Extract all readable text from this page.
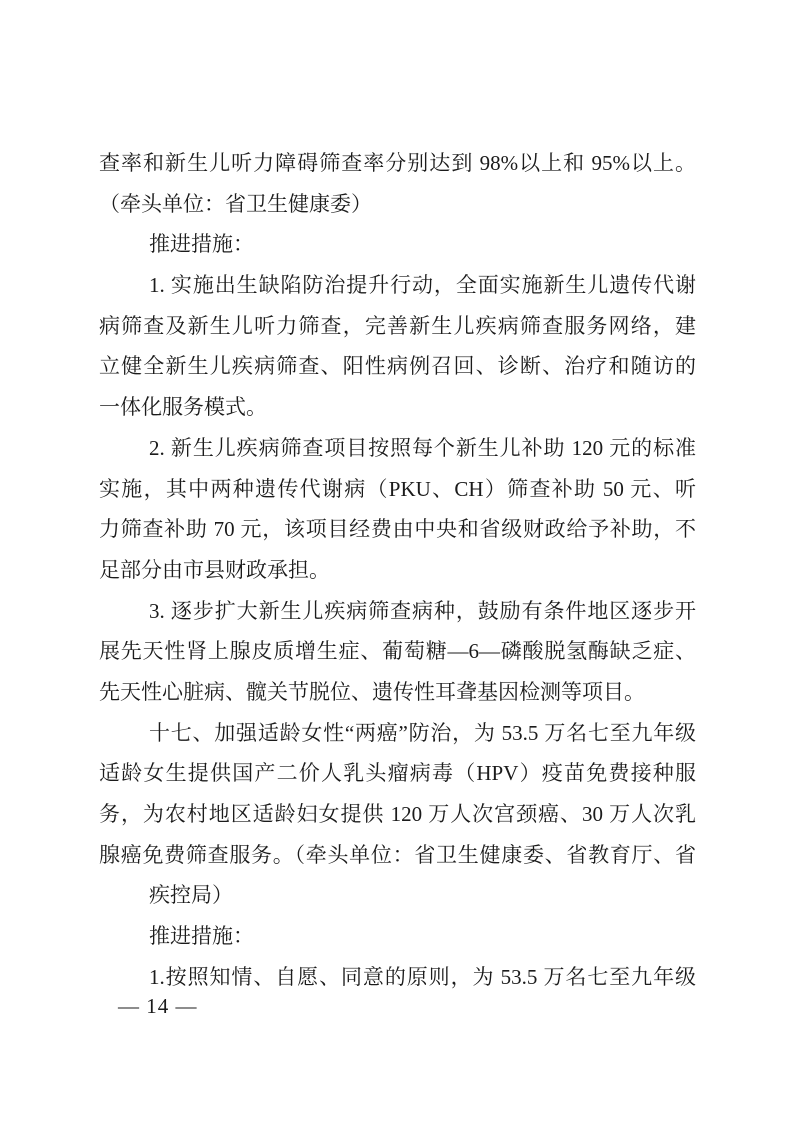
查率和新生儿听力障碍筛查率分别达到 98%以上和 95%以上。
（牵头单位：省卫生健康委）
推进措施：
1. 实施出生缺陷防治提升行动，全面实施新生儿遗传代谢
病筛查及新生儿听力筛查，完善新生儿疾病筛查服务网络，建
立健全新生儿疾病筛查、阳性病例召回、诊断、治疗和随访的
一体化服务模式。
2. 新生儿疾病筛查项目按照每个新生儿补助 120 元的标准
实施，其中两种遗传代谢病（PKU、CH）筛查补助 50 元、听
力筛查补助 70 元，该项目经费由中央和省级财政给予补助，不
足部分由市县财政承担。
3. 逐步扩大新生儿疾病筛查病种，鼓励有条件地区逐步开
展先天性肾上腺皮质增生症、葡萄糖—6—磷酸脱氢酶缺乏症、
先天性心脏病、髋关节脱位、遗传性耳聋基因检测等项目。
十七、加强适龄女性“两癌”防治，为 53.5 万名七至九年级
适龄女生提供国产二价人乳头瘤病毒（HPV）疫苗免费接种服
务，为农村地区适龄妇女提供 120 万人次宫颈癌、30 万人次乳
腺癌免费筛查服务。（牵头单位：省卫生健康委、省教育厅、省
疾控局）
推进措施：
1.按照知情、自愿、同意的原则，为 53.5 万名七至九年级
— 14 —
